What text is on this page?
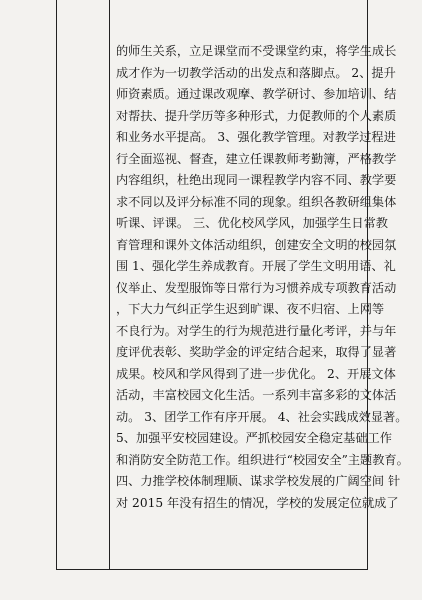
的师生关系，立足课堂而不受课堂约束，将学生成长
成才作为一切教学活动的出发点和落脚点。 2、提升
师资素质。通过课改观摩、教学研讨、参加培训、结
对帮扶、提升学历等多种形式，力促教师的个人素质
和业务水平提高。 3、强化教学管理。对教学过程进
行全面巡视、督查，建立任课教师考勤簿，严格教学
内容组织，杜绝出现同一课程教学内容不同、教学要
求不同以及评分标准不同的现象。组织各教研组集体
听课、评课。 三、优化校风学风，加强学生日常教
育管理和课外文体活动组织，创建安全文明的校园氛
围 1、强化学生养成教育。开展了学生文明用语、礼
仪举止、发型服饰等日常行为习惯养成专项教育活动
，下大力气纠正学生迟到旷课、夜不归宿、上网等
不良行为。对学生的行为规范进行量化考评，并与年
度评优表彰、奖助学金的评定结合起来，取得了显著
成果。校风和学风得到了进一步优化。 2、开展文体
活动，丰富校园文化生活。一系列丰富多彩的文体活
动。 3、团学工作有序开展。 4、社会实践成效显著。
5、加强平安校园建设。严抓校园安全稳定基础工作
和消防安全防范工作。组织进行“校园安全”主题教育。
四、力推学校体制理顺、谋求学校发展的广阔空间 针
对 2015 年没有招生的情况，学校的发展定位就成了
